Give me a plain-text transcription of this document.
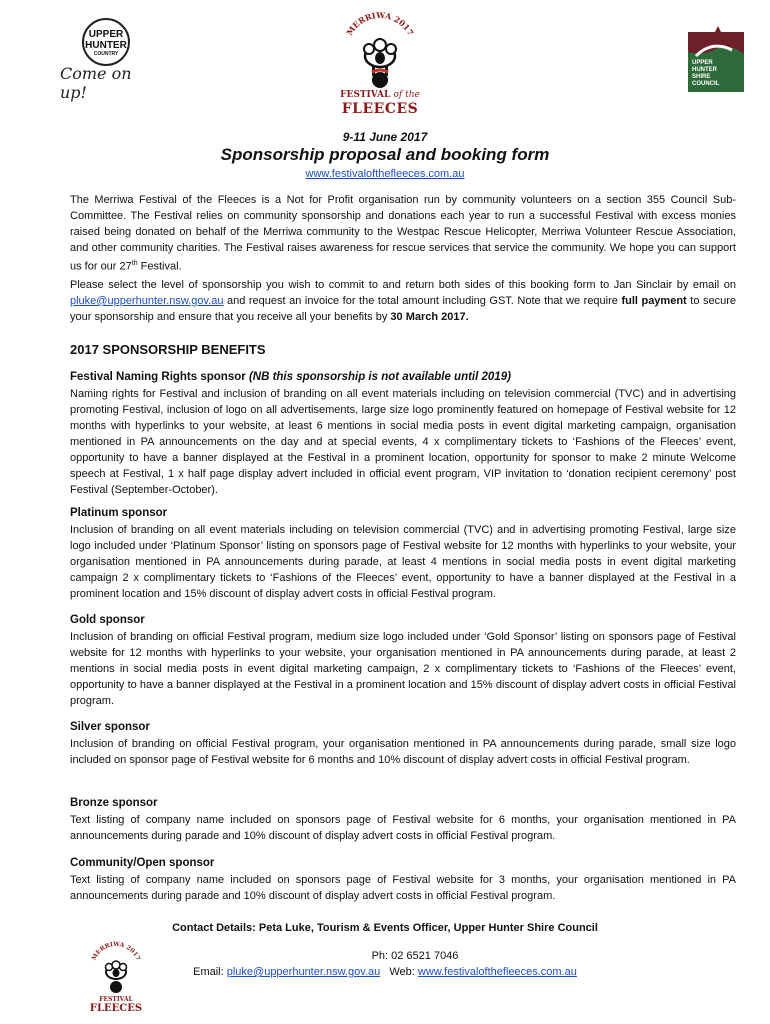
UPPER
HUNTER
COUNTRY
Come on up!
MERRIWA 2017
FESTIVAL of the
FLEECES
UPPER
HUNTER
SHIRE
COUNCIL
9-11 June 2017
Sponsorship proposal and booking form
www.festivalofthefleeces.com.au

The Merriwa Festival of the Fleeces is a Not for Profit organisation run by community volunteers on a section 355 Council Sub-Committee. The Festival relies on community sponsorship and donations each year to run a successful Festival with excess monies raised being donated on behalf of the Merriwa community to the Westpac Rescue Helicopter, Merriwa Volunteer Rescue Association, and other community charities. The Festival raises awareness for rescue services that service the community. We hope you can support us for our 27th Festival.

Please select the level of sponsorship you wish to commit to and return both sides of this booking form to Jan Sinclair by email on pluke@upperhunter.nsw.gov.au and request an invoice for the total amount including GST. Note that we require full payment to secure your sponsorship and ensure that you receive all your benefits by 30 March 2017.

2017 SPONSORSHIP BENEFITS
Festival Naming Rights sponsor (NB this sponsorship is not available until 2019)

Naming rights for Festival and inclusion of branding on all event materials including on television commercial (TVC) and in advertising promoting Festival, inclusion of logo on all advertisements, large size logo prominently featured on homepage of Festival website for 12 months with hyperlinks to your website, at least 6 mentions in social media posts in event digital marketing campaign, organisation mentioned in PA announcements on the day and at special events, 4 x complimentary tickets to ‘Fashions of the Fleeces’ event, opportunity to have a banner displayed at the Festival in a prominent location, opportunity for sponsor to make 2 minute Welcome speech at Festival, 1 x half page display advert included in official event program, VIP invitation to ‘donation recipient ceremony’ post Festival (September-October).

Platinum sponsor

Inclusion of branding on all event materials including on television commercial (TVC) and in advertising promoting Festival, large size logo included under ‘Platinum Sponsor’ listing on sponsors page of Festival website for 12 months with hyperlinks to your website, your organisation mentioned in PA announcements during parade, at least 4 mentions in social media posts in event digital marketing campaign 2 x complimentary tickets to ‘Fashions of the Fleeces’ event, opportunity to have a banner displayed at the Festival in a prominent location and 15% discount of display advert costs in official Festival program.

Gold sponsor

Inclusion of branding on official Festival program, medium size logo included under ‘Gold Sponsor’ listing on sponsors page of Festival website for 12 months with hyperlinks to your website, your organisation mentioned in PA announcements during parade, at least 2 mentions in social media posts in event digital marketing campaign, 2 x complimentary tickets to ‘Fashions of the Fleeces’ event, opportunity to have a banner displayed at the Festival in a prominent location and 15% discount of display advert costs in official Festival program.

Silver sponsor

Inclusion of branding on official Festival program, your organisation mentioned in PA announcements during parade, small size logo included on sponsor page of Festival website for 6 months and 10% discount of display advert costs in official Festival program.

Bronze sponsor

Text listing of company name included on sponsors page of Festival website for 6 months, your organisation mentioned in PA announcements during parade and 10% discount of display advert costs in official Festival program.

Community/Open sponsor

Text listing of company name included on sponsors page of Festival website for 3 months, your organisation mentioned in PA announcements during parade and 10% discount of display advert costs in official Festival program.

Contact Details: Peta Luke, Tourism & Events Officer, Upper Hunter Shire Council
MERRIWA 2017
FESTIVAL
FLEECES
Ph: 02 6521 7046
Email: pluke@upperhunter.nsw.gov.au   Web: www.festivalofthefleeces.com.au
